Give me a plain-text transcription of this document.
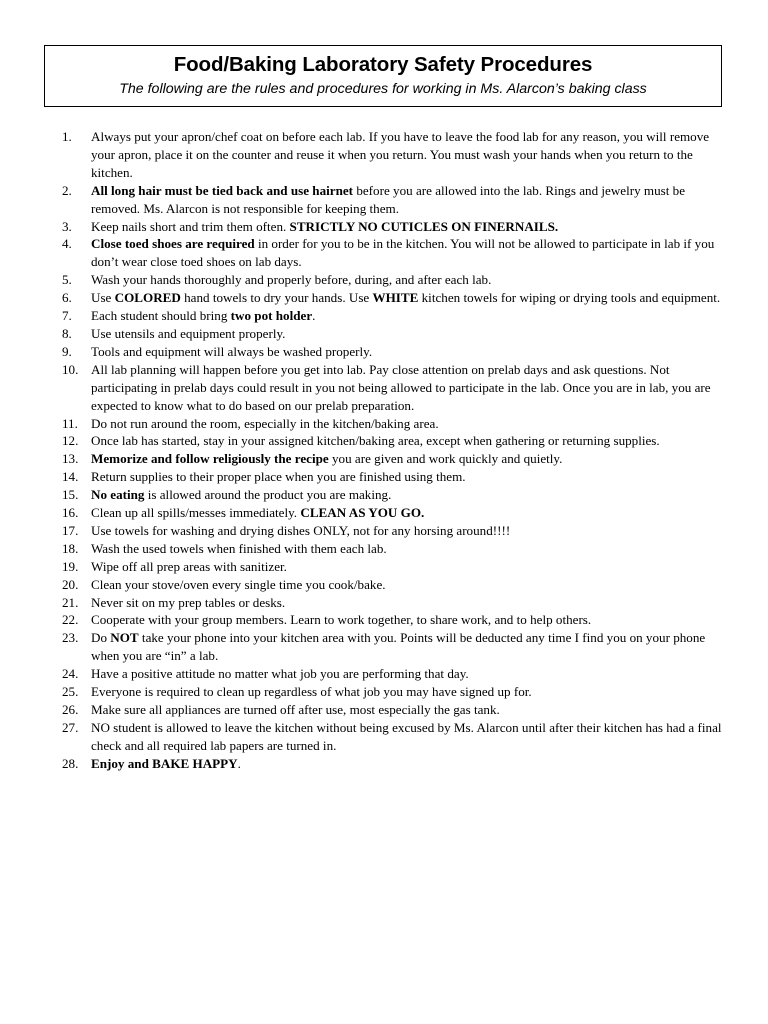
Food/Baking Laboratory Safety Procedures
The following are the rules and procedures for working in Ms. Alarcon’s baking class
1.	Always put your apron/chef coat on before each lab. If you have to leave the food lab for any reason, you will remove your apron, place it on the counter and reuse it when you return. You must wash your hands when you return to the kitchen.
2.	All long hair must be tied back and use hairnet before you are allowed into the lab. Rings and jewelry must be removed. Ms. Alarcon is not responsible for keeping them.
3.	Keep nails short and trim them often. STRICTLY NO CUTICLES ON FINERNAILS.
4.	Close toed shoes are required in order for you to be in the kitchen. You will not be allowed to participate in lab if you don’t wear close toed shoes on lab days.
5.	Wash your hands thoroughly and properly before, during, and after each lab.
6.	Use COLORED hand towels to dry your hands. Use WHITE kitchen towels for wiping or drying tools and equipment.
7.	Each student should bring two pot holder.
8.	Use utensils and equipment properly.
9.	Tools and equipment will always be washed properly.
10. All lab planning will happen before you get into lab. Pay close attention on prelab days and ask questions. Not participating in prelab days could result in you not being allowed to participate in the lab. Once you are in lab, you are expected to know what to do based on our prelab preparation.
11.	Do not run around the room, especially in the kitchen/baking area.
12. Once lab has started, stay in your assigned kitchen/baking area, except when gathering or returning supplies.
13. Memorize and follow religiously the recipe you are given and work quickly and quietly.
14. Return supplies to their proper place when you are finished using them.
15. No eating is allowed around the product you are making.
16. Clean up all spills/messes immediately. CLEAN AS YOU GO.
17. Use towels for washing and drying dishes ONLY, not for any horsing around!!!!
18. Wash the used towels when finished with them each lab.
19. Wipe off all prep areas with sanitizer.
20. Clean your stove/oven every single time you cook/bake.
21. Never sit on my prep tables or desks.
22. Cooperate with your group members. Learn to work together, to share work, and to help others.
23. Do NOT take your phone into your kitchen area with you. Points will be deducted any time I find you on your phone when you are “in” a lab.
24. Have a positive attitude no matter what job you are performing that day.
25. Everyone is required to clean up regardless of what job you may have signed up for.
26. Make sure all appliances are turned off after use, most especially the gas tank.
27. NO student is allowed to leave the kitchen without being excused by Ms. Alarcon until after their kitchen has had a final check and all required lab papers are turned in.
28. Enjoy and BAKE HAPPY.
